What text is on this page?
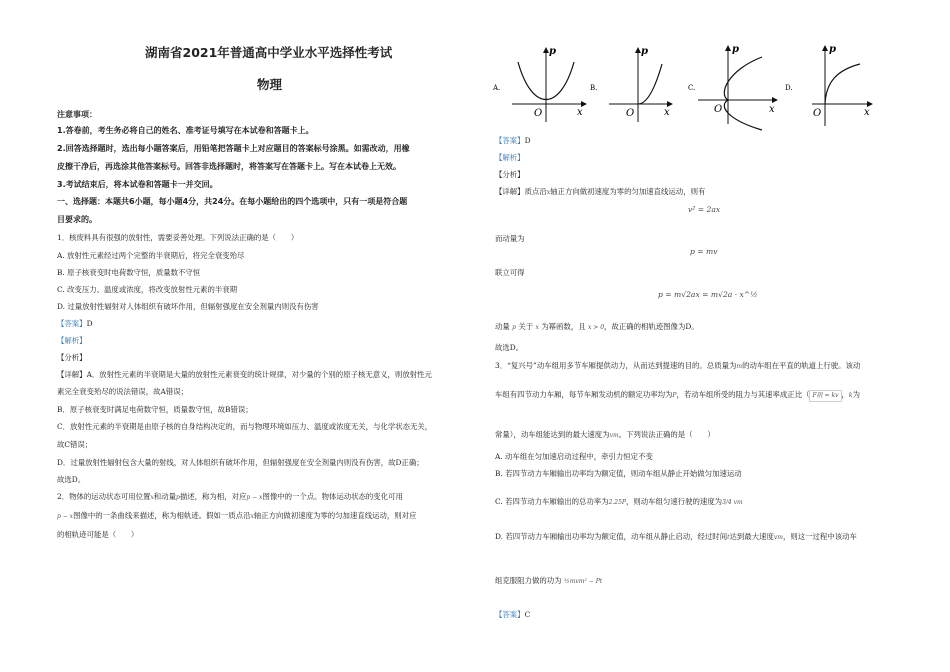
湖南省2021年普通高中学业水平选择性考试
物理
注意事项：
1.答卷前，考生务必将自己的姓名、准考证号填写在本试卷和答题卡上。
2.回答选择题时，选出每小题答案后，用铅笔把答题卡上对应题目的答案标号涂黑。如需改动，用橡
皮擦干净后，再选涂其他答案标号。回答非选择题时，将答案写在答题卡上。写在本试卷上无效。
3.考试结束后，将本试卷和答题卡一并交回。
一、选择题：本题共6小题，每小题4分，共24分。在每小题给出的四个选项中，只有一项是符合题
目要求的。
1．核废料具有很强的放射性，需要妥善处理。下列说法正确的是（　　）
A. 放射性元素经过两个完整的半衰期后，将完全衰变殆尽
B. 原子核衰变时电荷数守恒，质量数不守恒
C. 改变压力、温度或浓度，将改变放射性元素的半衰期
D. 过量放射性辐射对人体组织有破坏作用，但辐射强度在安全剂量内则没有伤害
【答案】D
【解析】
【分析】
【详解】A．放射性元素的半衰期是大量的放射性元素衰变的统计规律，对少量的个别的原子核无意义，则放射性元
素完全衰变殆尽的说法错误，故A错误；
B．原子核衰变时满足电荷数守恒，质量数守恒，故B错误；
C．放射性元素的半衰期是由原子核的自身结构决定的，而与物理环境如压力、温度或浓度无关，与化学状态无关，
故C错误；
D．过量放射性辐射包含大量的射线，对人体组织有破坏作用，但辐射强度在安全剂量内则没有伤害，故D正确；
故选D。
2．物体的运动状态可用位置x和动量p描述，称为相，对应p − x图像中的一个点。物体运动状态的变化可用
p − x图像中的一条曲线来描述，称为相轨迹。假如一质点沿x轴正方向做初速度为零的匀加速直线运动，则对应
的相轨迹可能是（　　）
A.
p
x
O
B.
p
x
O
C.
p
x
O
D.
p
x
O
【答案】D
【解析】
【分析】
【详解】质点沿x轴正方向做初速度为零的匀加速直线运动，则有
v² = 2ax
而动量为
p = mv
联立可得
p = m√2ax = m√2a · x^½
动量 p 关于 x 为幂函数，且 x > 0，故正确的相轨迹图像为D。
故选D。
3．“复兴号”动车组用多节车厢提供动力，从而达到提速的目的。总质量为m的动车组在平直的轨道上行驶。该动
车组有四节动力车厢，每节车厢发动机的额定功率均为P，若动车组所受的阻力与其速率成正比（ F阻 = kv ，k为
常量），动车组能达到的最大速度为vm。下列说法正确的是（　　）
A. 动车组在匀加速启动过程中，牵引力恒定不变
B. 若四节动力车厢输出功率均为额定值，则动车组从静止开始做匀加速运动
C. 若四节动力车厢输出的总功率为2.25P，则动车组匀速行驶的速度为3/4 vm
D. 若四节动力车厢输出功率均为额定值，动车组从静止启动，经过时间t达到最大速度vm，则这一过程中该动车
组克服阻力做的功为 ½mvm² − Pt
【答案】C
